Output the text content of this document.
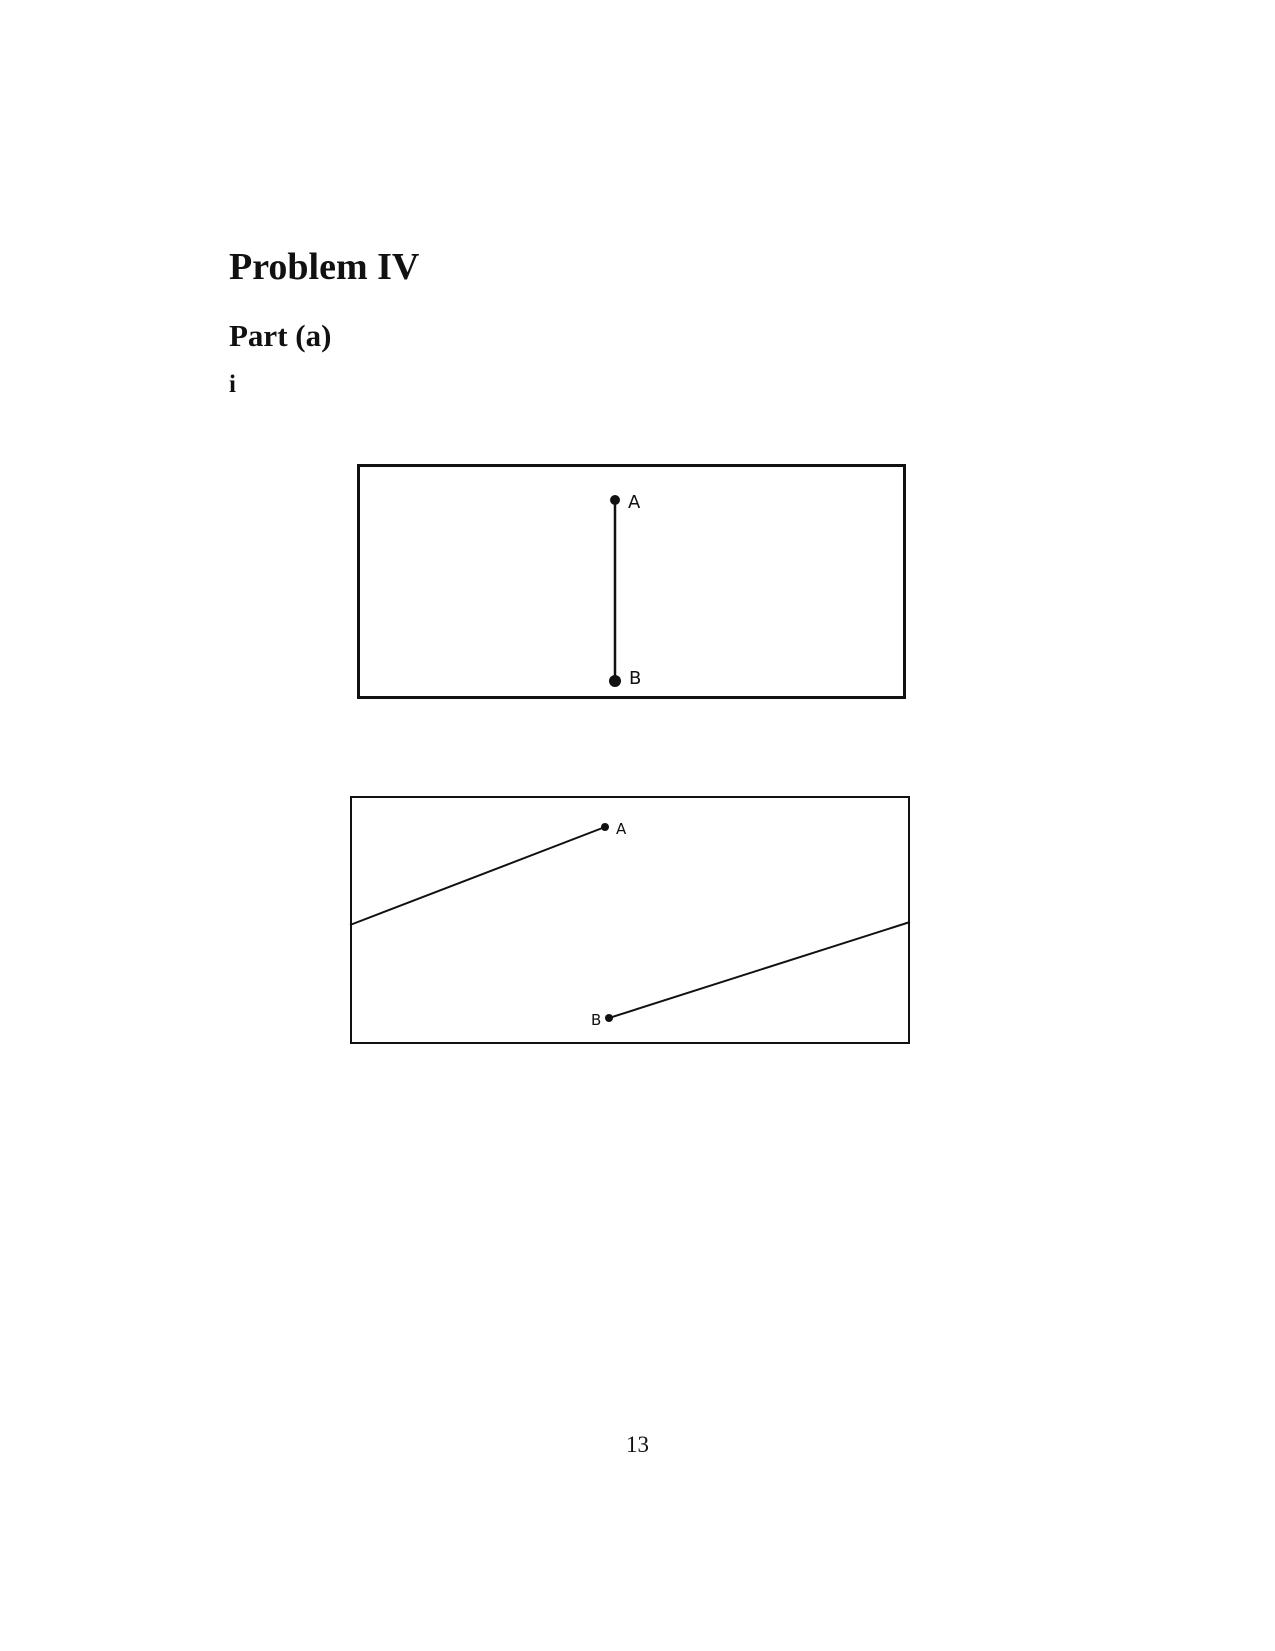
Problem IV
Part (a)
i
A
B
A
B
13
